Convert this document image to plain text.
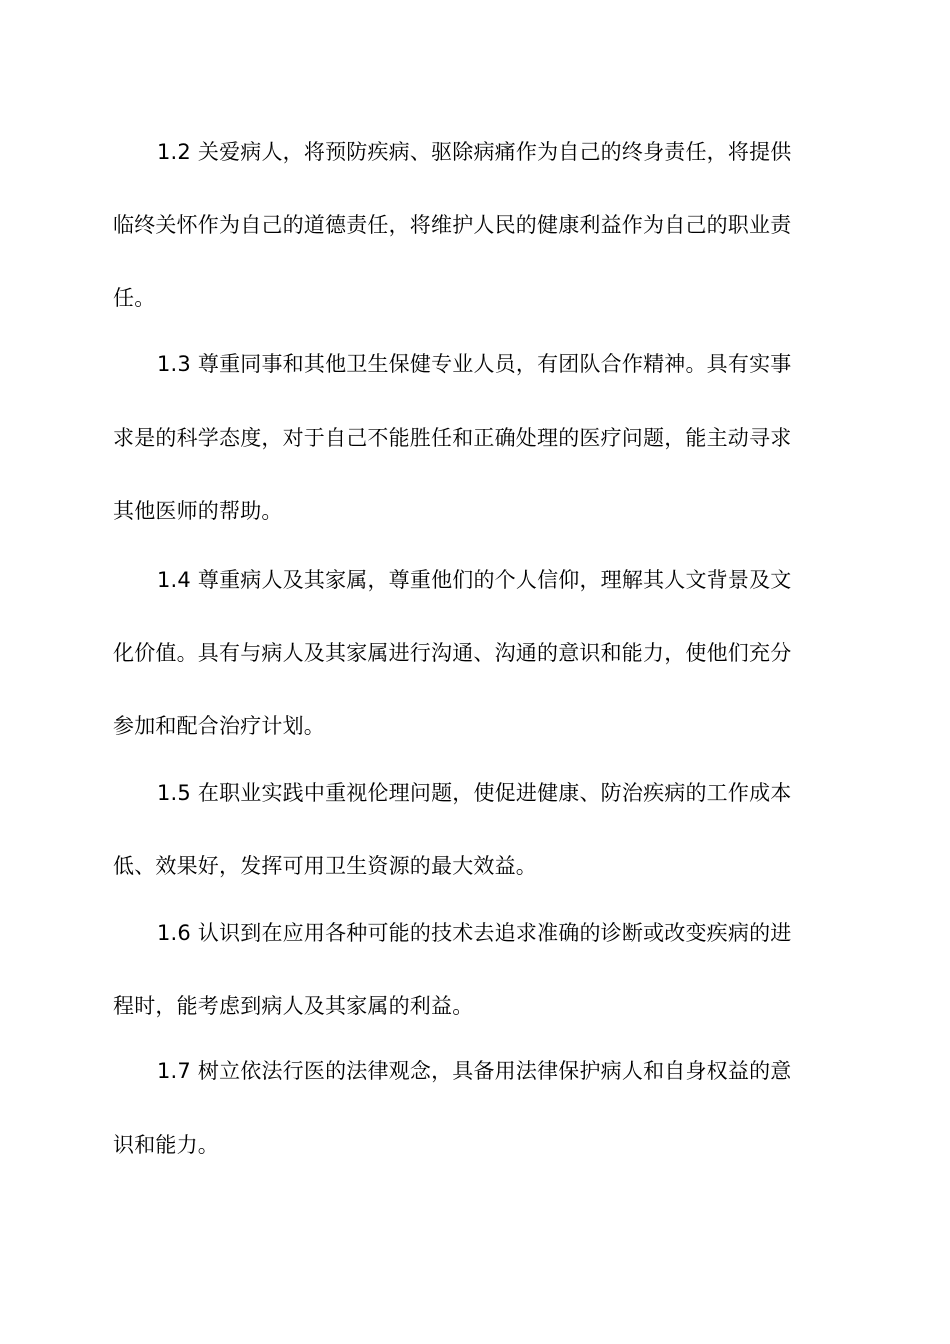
1.2 关爱病人，将预防疾病、驱除病痛作为自己的终身责任，将提供
临终关怀作为自己的道德责任，将维护人民的健康利益作为自己的职业责
任。
1.3 尊重同事和其他卫生保健专业人员，有团队合作精神。具有实事
求是的科学态度，对于自己不能胜任和正确处理的医疗问题，能主动寻求
其他医师的帮助。
1.4 尊重病人及其家属，尊重他们的个人信仰，理解其人文背景及文
化价值。具有与病人及其家属进行沟通、沟通的意识和能力，使他们充分
参加和配合治疗计划。
1.5 在职业实践中重视伦理问题，使促进健康、防治疾病的工作成本
低、效果好，发挥可用卫生资源的最大效益。
1.6 认识到在应用各种可能的技术去追求准确的诊断或改变疾病的进
程时，能考虑到病人及其家属的利益。
1.7 树立依法行医的法律观念，具备用法律保护病人和自身权益的意
识和能力。
